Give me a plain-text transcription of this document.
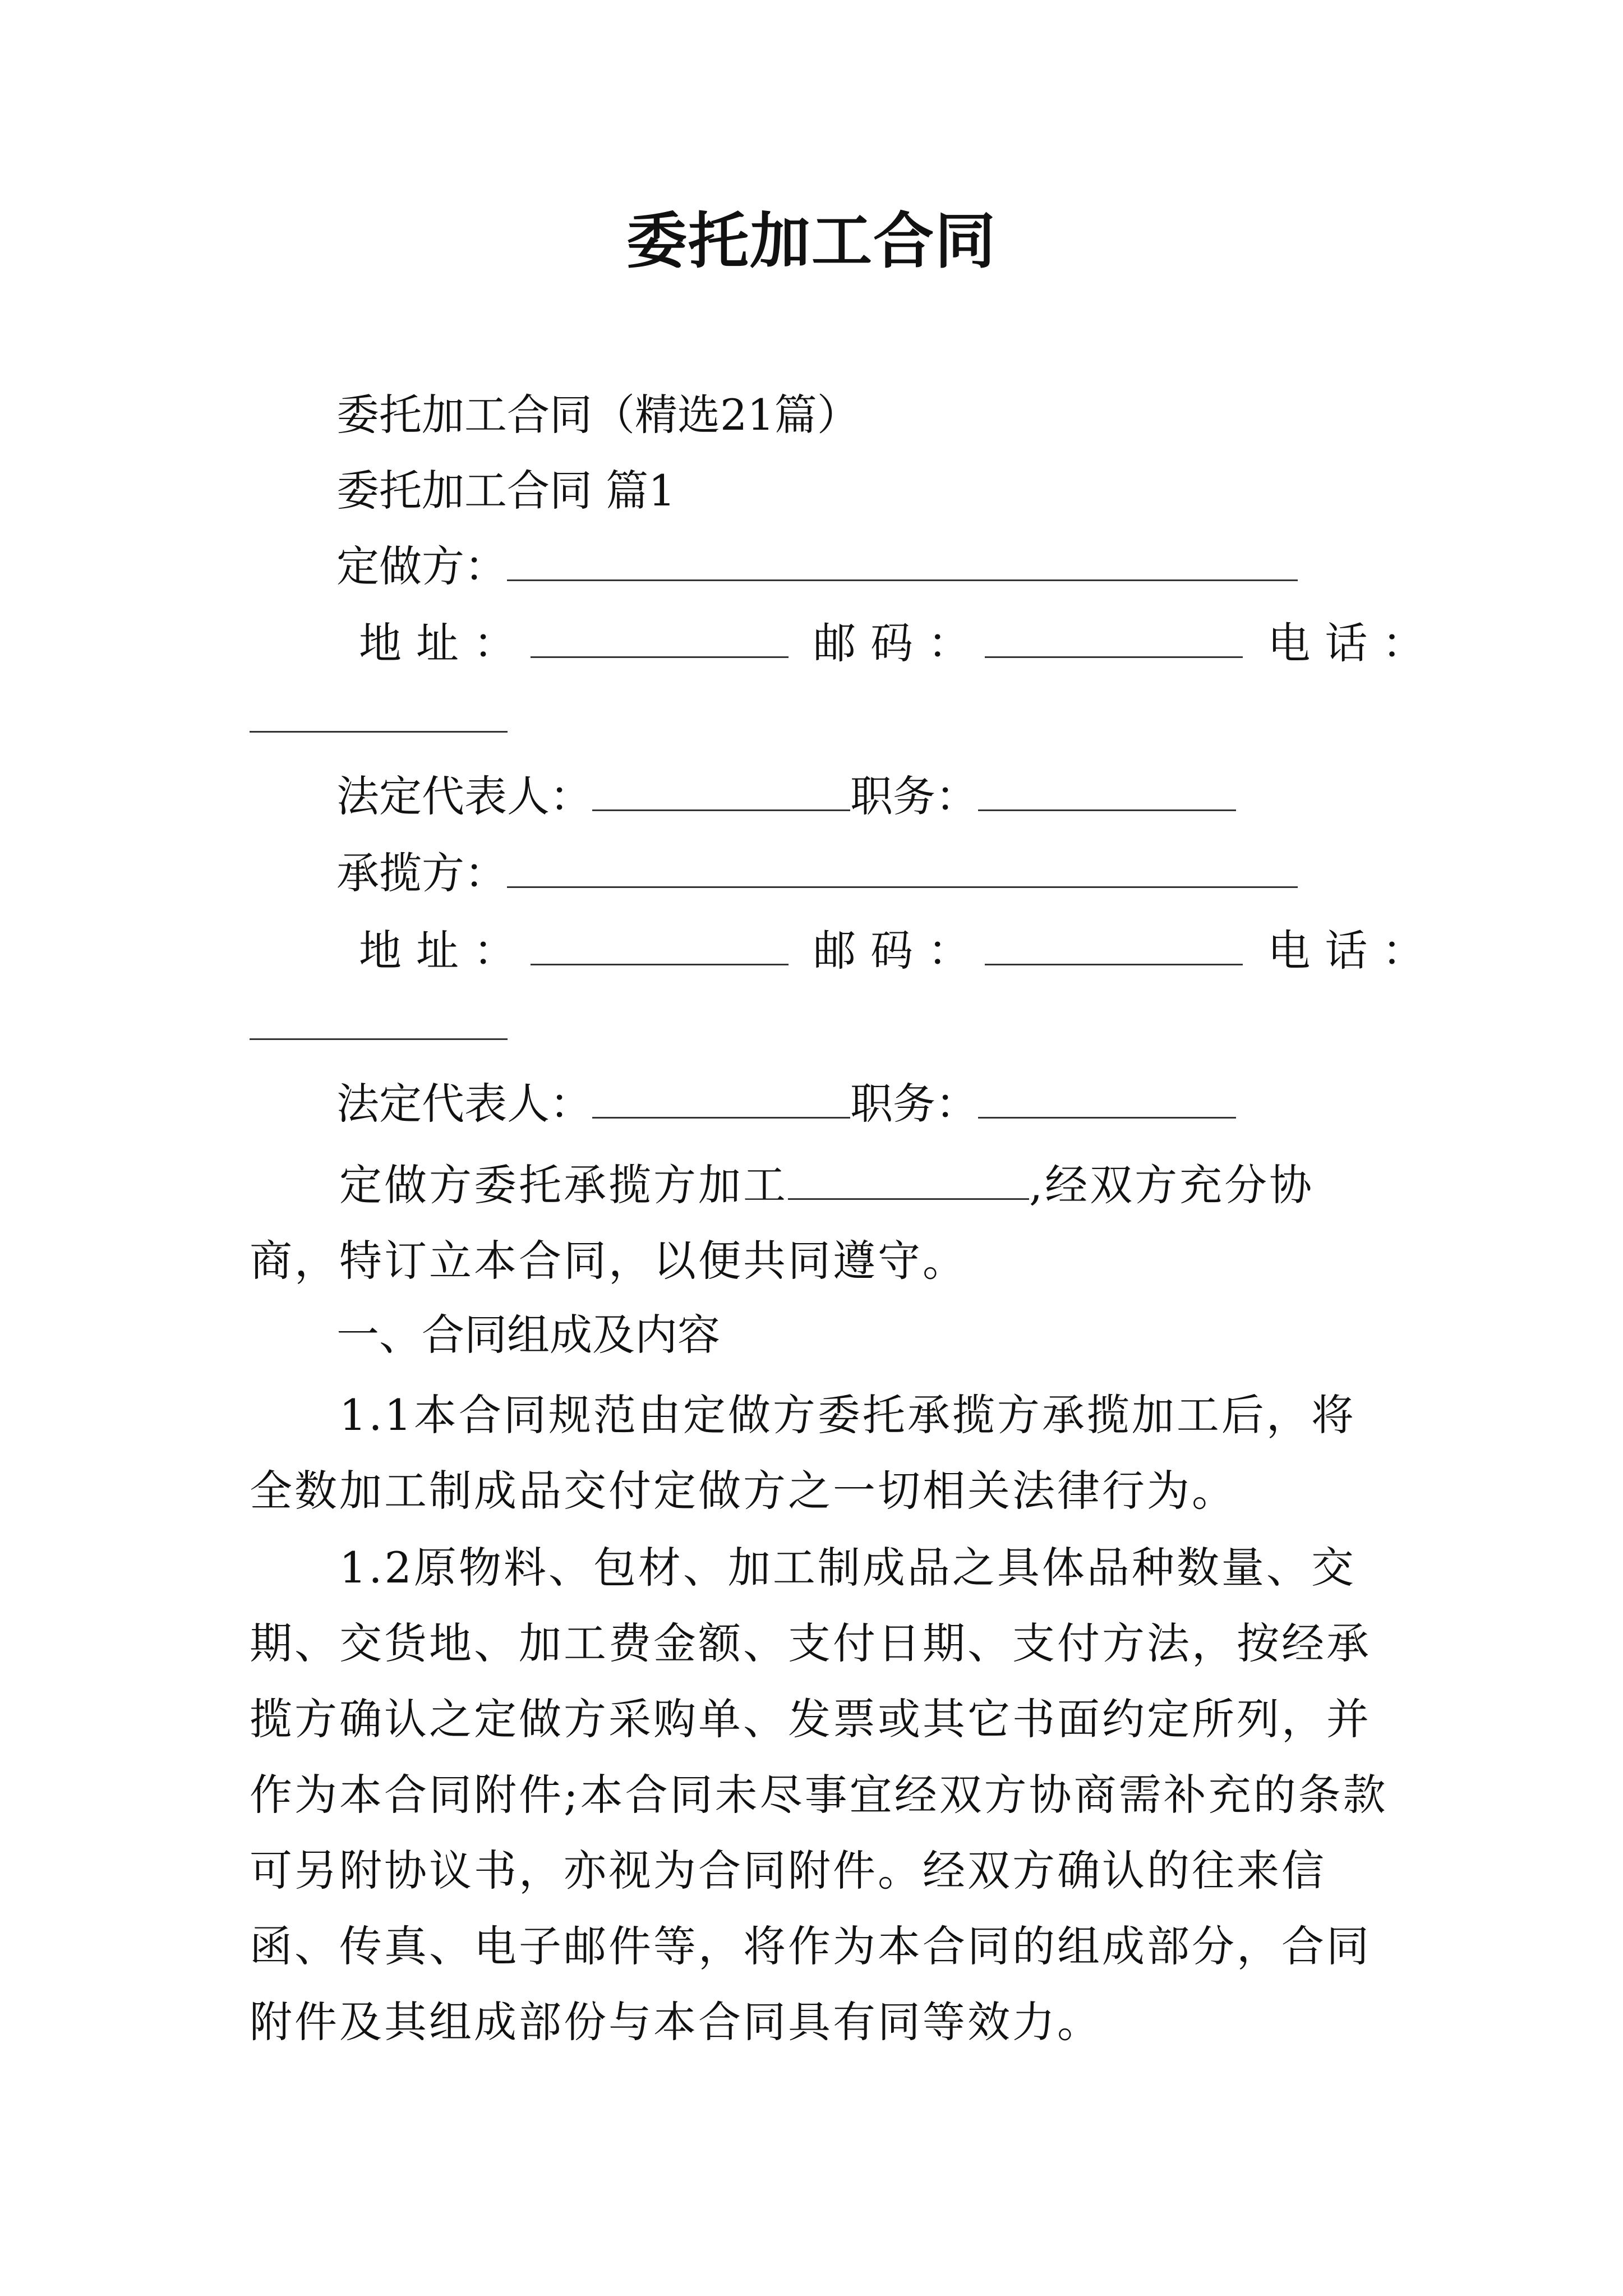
委托加工合同

委托加工合同（精选21篇）

委托加工合同 篇1

定做方：
地址：	邮码：	电话：
法定代表人：	职务：
承揽方：
地址：	邮码：	电话：
法定代表人：	职务：

定做方委托承揽方加工	,经双方充分协商，特订立本合同，以便共同遵守。

一、合同组成及内容

1.1本合同规范由定做方委托承揽方承揽加工后，将全数加工制成品交付定做方之一切相关法律行为。

1.2原物料、包材、加工制成品之具体品种数量、交期、交货地、加工费金额、支付日期、支付方法，按经承揽方确认之定做方采购单、发票或其它书面约定所列，并作为本合同附件;本合同未尽事宜经双方协商需补充的条款可另附协议书，亦视为合同附件。经双方确认的往来信函、传真、电子邮件等，将作为本合同的组成部分，合同附件及其组成部份与本合同具有同等效力。
